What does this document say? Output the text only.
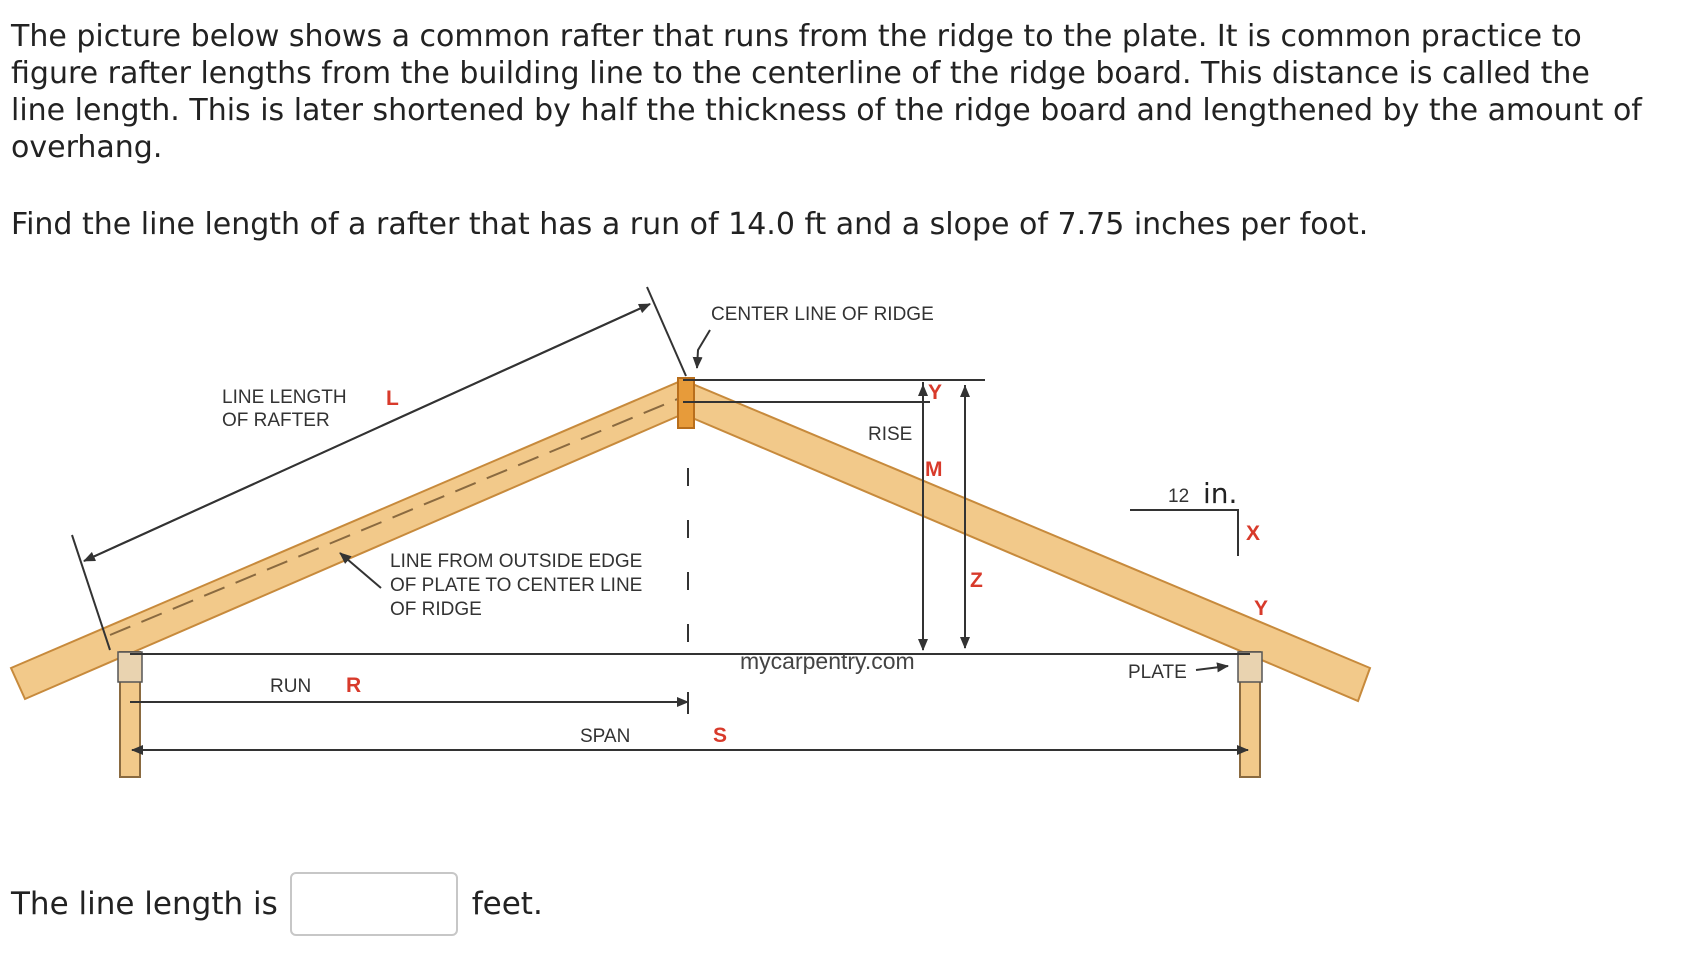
The picture below shows a common rafter that runs from the ridge to the plate. It is common practice to figure rafter lengths from the building line to the centerline of the ridge board. This distance is called the line length. This is later shortened by half the thickness of the ridge board and lengthened by the amount of overhang.

Find the line length of a rafter that has a run of 14.0 ft and a slope of 7.75 inches per foot.

CENTER LINE OF RIDGE
LINE LENGTH
OF RAFTER
L
RISE
Y
M
Z
12 in.
X
Y
LINE FROM OUTSIDE EDGE
OF PLATE TO CENTER LINE
OF RIDGE
RUN R
mycarpentry.com	PLATE
SPAN	S
The line length is	feet.
